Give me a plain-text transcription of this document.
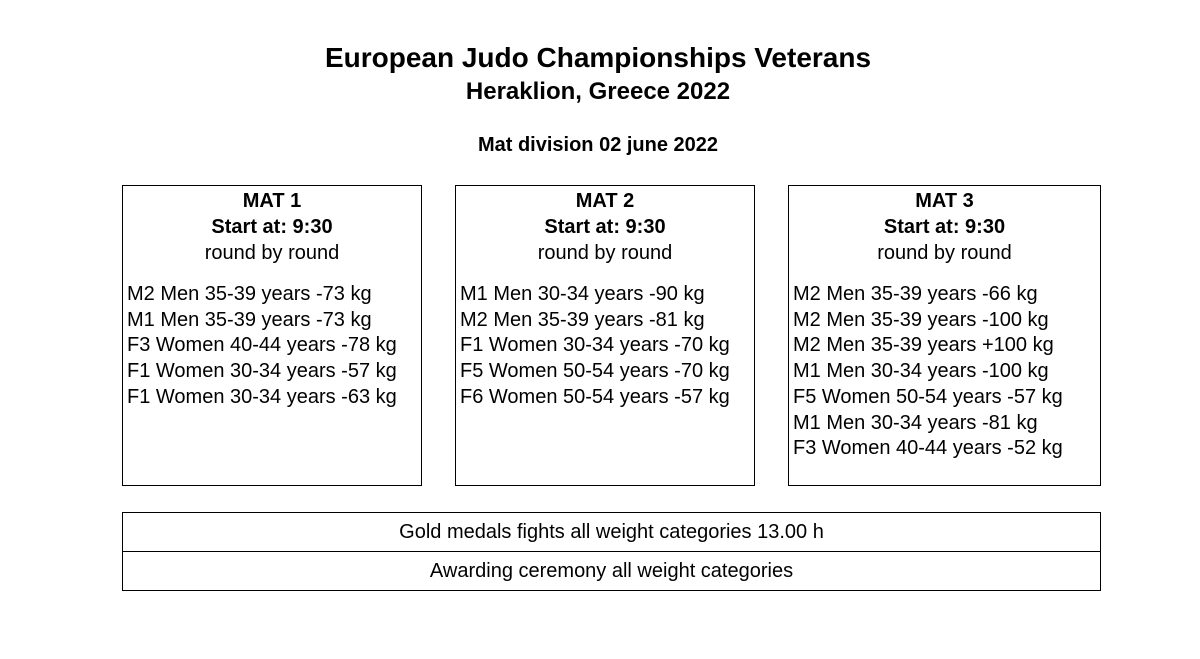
European Judo Championships Veterans
Heraklion, Greece 2022
Mat division 02 june 2022
MAT 1
Start at: 9:30
round by round
M2 Men 35-39 years -73 kg
M1 Men 35-39 years -73 kg
F3 Women 40-44 years -78 kg
F1 Women 30-34 years -57 kg
F1 Women 30-34 years -63 kg
MAT 2
Start at: 9:30
round by round
M1 Men 30-34 years -90 kg
M2 Men 35-39 years -81 kg
F1 Women 30-34 years -70 kg
F5 Women 50-54 years -70 kg
F6 Women 50-54 years -57 kg
MAT 3
Start at: 9:30
round by round
M2 Men 35-39 years -66 kg
M2 Men 35-39 years -100 kg
M2 Men 35-39 years +100 kg
M1 Men 30-34 years -100 kg
F5 Women 50-54 years -57 kg
M1 Men 30-34 years -81 kg
F3 Women 40-44 years -52 kg
Gold medals fights all weight categories 13.00 h
Awarding ceremony all weight categories
